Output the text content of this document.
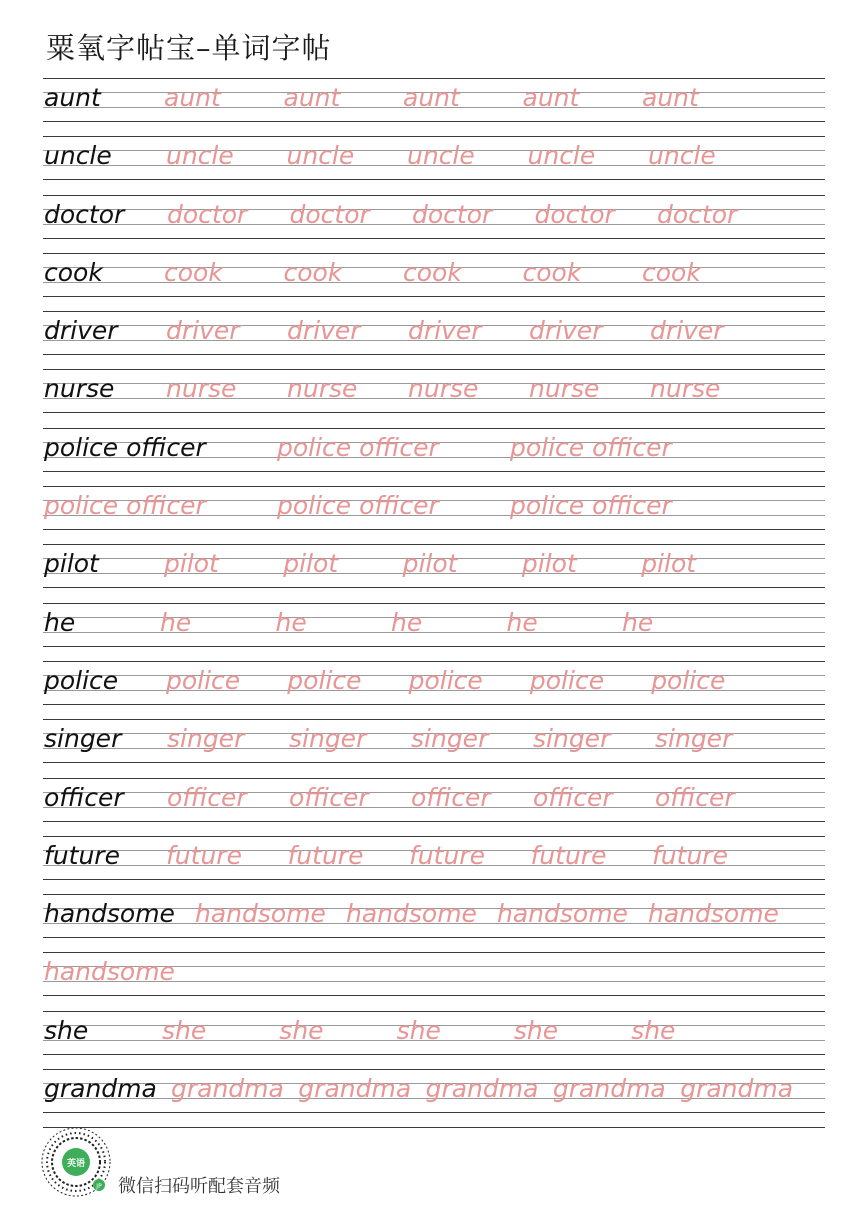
粟氧字帖宝–单词字帖
aunt	aunt	aunt	aunt	aunt	aunt
uncle uncle uncle uncle uncle uncle
doctor doctor doctor doctor doctor doctor
cook cook cook cook cook cook
driver driver driver driver driver driver
nurse nurse nurse nurse nurse nurse
police officer	police officer	police officer
police officer	police officer	police officer
pilot	pilot	pilot	pilot	pilot	pilot
he	he	he	he	he	he
police police police police police police
singer singer singer singer singer singer
officer officer officer officer officer officer
future future future future future future
handsome handsome handsome handsome handsome
handsome
she	she	she	she	she	she
grandma grandma grandma grandma grandma grandma
英语
JP 微信扫码听配套音频
